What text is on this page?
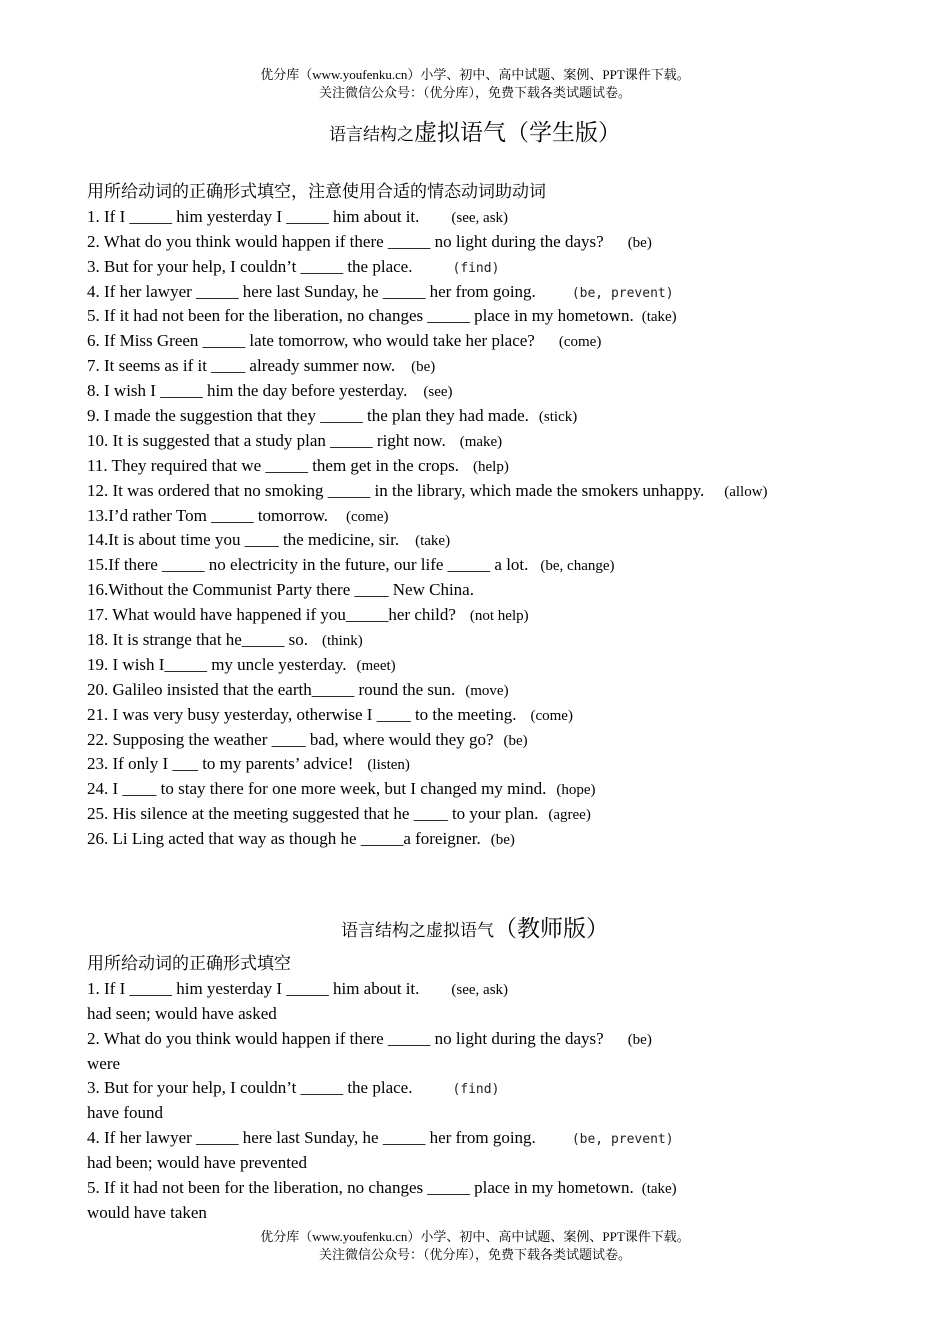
优分库（www.youfenku.cn）小学、初中、高中试题、案例、PPT课件下载。
关注微信公众号：（优分库），免费下载各类试题试卷。
语言结构之虚拟语气（学生版）
用所给动词的正确形式填空，注意使用合适的情态动词助动词
1. If I _____ him yesterday I _____ him about it. (see, ask)
2. What do you think would happen if there _____ no light during the days? (be)
3. But for your help, I couldn’t _____ the place.	(find)
4. If her lawyer _____ here last Sunday, he _____ her from going.	(be, prevent)
5. If it had not been for the liberation, no changes _____ place in my hometown. (take)
6. If Miss Green _____ late tomorrow, who would take her place? (come)
7. It seems as if it ____ already summer now. (be)
8. I wish I _____ him the day before yesterday. (see)
9. I made the suggestion that they _____ the plan they had made. (stick)
10. It is suggested that a study plan _____ right now. (make)
11. They required that we _____ them get in the crops. (help)
12. It was ordered that no smoking _____ in the library, which made the smokers unhappy. (allow)
13.I’d rather Tom _____ tomorrow. (come)
14.It is about time you ____ the medicine, sir. (take)
15.If there _____ no electricity in the future, our life _____ a lot. (be, change)
16.Without the Communist Party there ____ New China.
17. What would have happened if you_____her child? (not help)
18. It is strange that he_____ so. (think)
19. I wish I_____ my uncle yesterday. (meet)
20. Galileo insisted that the earth_____ round the sun. (move)
21. I was very busy yesterday, otherwise I ____ to the meeting. (come)
22. Supposing the weather ____ bad, where would they go? (be)
23. If only I ___ to my parents’ advice! (listen)
24. I ____ to stay there for one more week, but I changed my mind. (hope)
25. His silence at the meeting suggested that he ____ to your plan. (agree)
26. Li Ling acted that way as though he _____a foreigner. (be)
语言结构之虚拟语气（教师版）
用所给动词的正确形式填空
1. If I _____ him yesterday I _____ him about it. (see, ask)
had seen; would have asked
2. What do you think would happen if there _____ no light during the days? (be)
were
3. But for your help, I couldn’t _____ the place.	(find)
have found
4. If her lawyer _____ here last Sunday, he _____ her from going.	(be, prevent)
had been; would have prevented
5. If it had not been for the liberation, no changes _____ place in my hometown. (take)
would have taken
优分库（www.youfenku.cn）小学、初中、高中试题、案例、PPT课件下载。
关注微信公众号：（优分库），免费下载各类试题试卷。
